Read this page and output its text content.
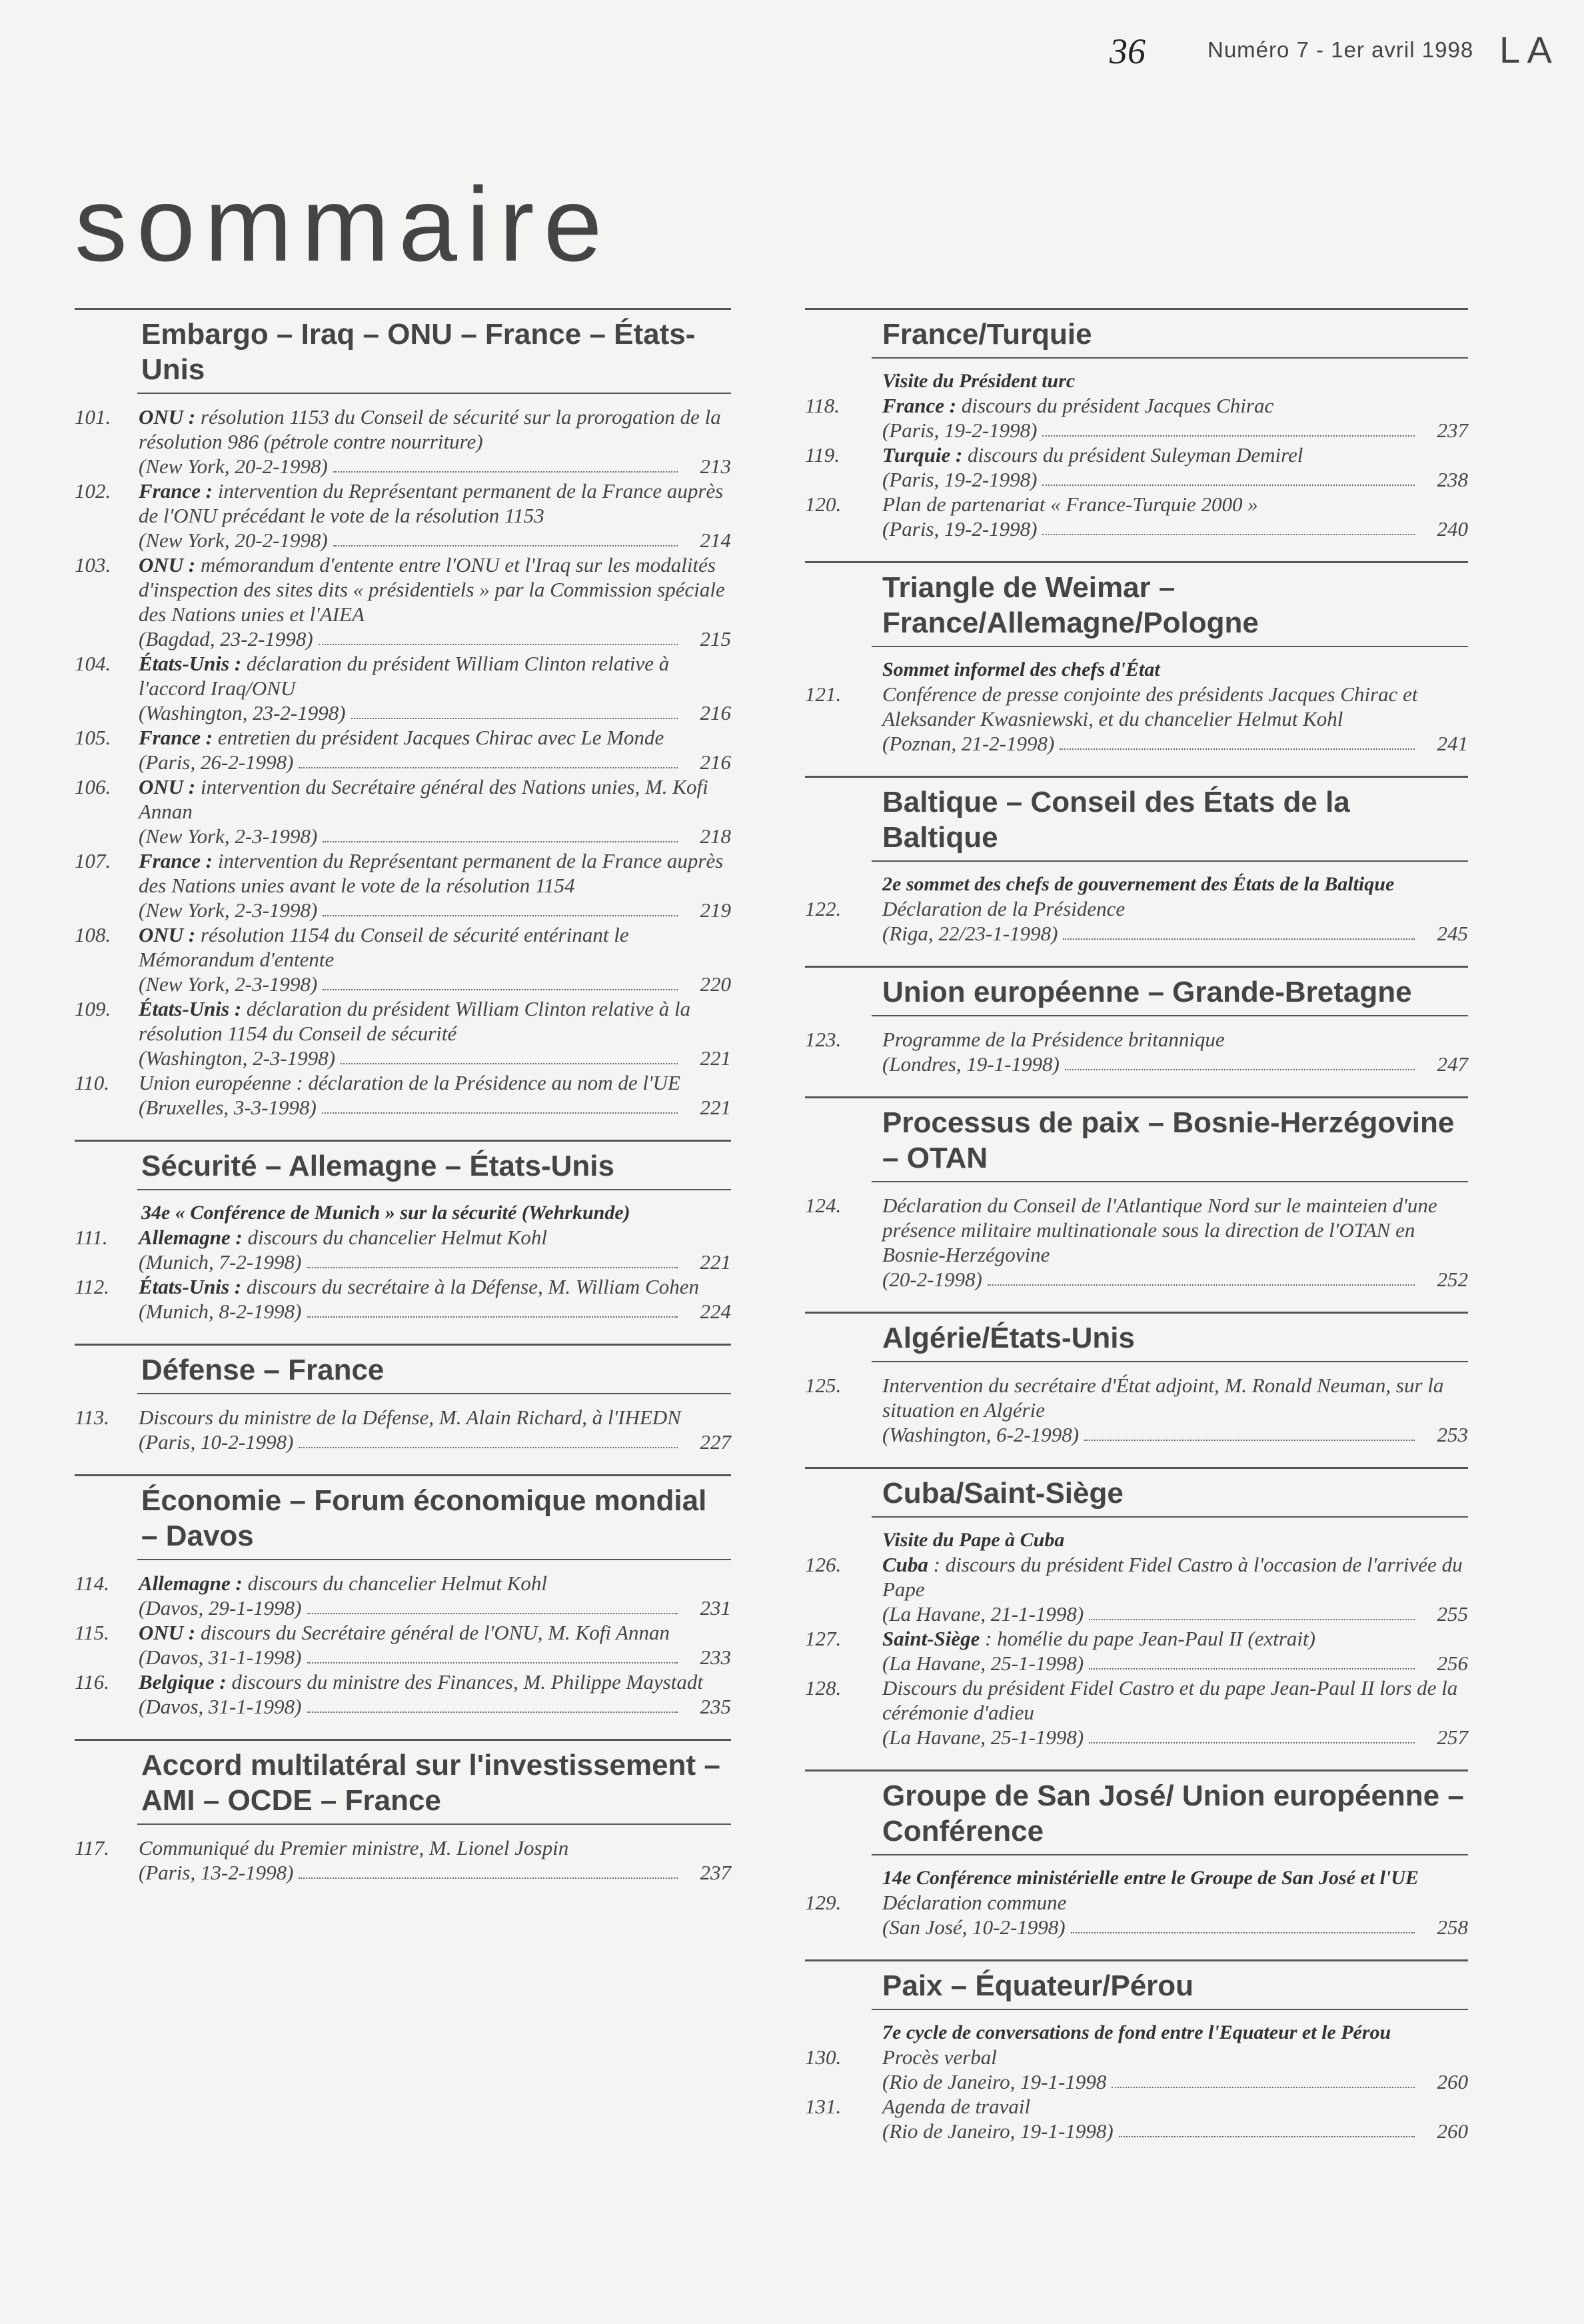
36	Numéro 7 - 1er avril 1998 L A
sommaire
Embargo – Iraq – ONU – France – États-Unis
101.	ONU : résolution 1153 du Conseil de sécurité sur la prorogation de la résolution 986 (pétrole contre nourriture)
(New York, 20-2-1998)	213
102.	France : intervention du Représentant permanent de la France auprès de l'ONU précédant le vote de la résolution 1153
(New York, 20-2-1998)	214
103.	ONU : mémorandum d'entente entre l'ONU et l'Iraq sur les modalités d'inspection des sites dits « présidentiels » par la Commission spéciale des Nations unies et l'AIEA
(Bagdad, 23-2-1998)	215
104.	États-Unis : déclaration du président William Clinton relative à l'accord Iraq/ONU
(Washington, 23-2-1998)	216
105.	France : entretien du président Jacques Chirac avec Le Monde
(Paris, 26-2-1998)	216
106.	ONU : intervention du Secrétaire général des Nations unies, M. Kofi Annan
(New York, 2-3-1998)	218
107.	France : intervention du Représentant permanent de la France auprès des Nations unies avant le vote de la résolution 1154
(New York, 2-3-1998)	219
108.	ONU : résolution 1154 du Conseil de sécurité entérinant le Mémorandum d'entente
(New York, 2-3-1998)	220
109.	États-Unis : déclaration du président William Clinton relative à la résolution 1154 du Conseil de sécurité
(Washington, 2-3-1998)	221
110.	Union européenne : déclaration de la Présidence au nom de l'UE
(Bruxelles, 3-3-1998)	221
Sécurité – Allemagne – États-Unis
34e « Conférence de Munich » sur la sécurité (Wehrkunde)
111.	Allemagne : discours du chancelier Helmut Kohl
(Munich, 7-2-1998)	221
112.	États-Unis : discours du secrétaire à la Défense, M. William Cohen
(Munich, 8-2-1998)	224
Défense – France
113.	Discours du ministre de la Défense, M. Alain Richard, à l'IHEDN
(Paris, 10-2-1998)	227
Économie – Forum économique mondial – Davos
114.	Allemagne : discours du chancelier Helmut Kohl
(Davos, 29-1-1998)	231
115.	ONU : discours du Secrétaire général de l'ONU, M. Kofi Annan
(Davos, 31-1-1998)	233
116.	Belgique : discours du ministre des Finances, M. Philippe Maystadt
(Davos, 31-1-1998)	235
Accord multilatéral sur l'investissement – AMI – OCDE – France
117.	Communiqué du Premier ministre, M. Lionel Jospin
(Paris, 13-2-1998)	237
France/Turquie
Visite du Président turc
118.	France : discours du président Jacques Chirac
(Paris, 19-2-1998)	237
119.	Turquie : discours du président Suleyman Demirel
(Paris, 19-2-1998)	238
120.	Plan de partenariat « France-Turquie 2000 »
(Paris, 19-2-1998)	240
Triangle de Weimar – France/Allemagne/Pologne
Sommet informel des chefs d'État
121.	Conférence de presse conjointe des présidents Jacques Chirac et Aleksander Kwasniewski, et du chancelier Helmut Kohl
(Poznan, 21-2-1998)	241
Baltique – Conseil des États de la Baltique
2e sommet des chefs de gouvernement des États de la Baltique
122.	Déclaration de la Présidence
(Riga, 22/23-1-1998)	245
Union européenne – Grande-Bretagne
123.	Programme de la Présidence britannique
(Londres, 19-1-1998)	247
Processus de paix – Bosnie-Herzégovine – OTAN
124.	Déclaration du Conseil de l'Atlantique Nord sur le mainteien d'une présence militaire multinationale sous la direction de l'OTAN en Bosnie-Herzégovine
(20-2-1998)	252
Algérie/États-Unis
125.	Intervention du secrétaire d'État adjoint, M. Ronald Neuman, sur la situation en Algérie
(Washington, 6-2-1998)	253
Cuba/Saint-Siège
Visite du Pape à Cuba
126.	Cuba : discours du président Fidel Castro à l'occasion de l'arrivée du Pape
(La Havane, 21-1-1998)	255
127.	Saint-Siège : homélie du pape Jean-Paul II (extrait)
(La Havane, 25-1-1998)	256
128.	Discours du président Fidel Castro et du pape Jean-Paul II lors de la cérémonie d'adieu
(La Havane, 25-1-1998)	257
Groupe de San José/ Union européenne – Conférence
14e Conférence ministérielle entre le Groupe de San José et l'UE
129.	Déclaration commune
(San José, 10-2-1998)	258
Paix – Équateur/Pérou
7e cycle de conversations de fond entre l'Equateur et le Pérou
130.	Procès verbal
(Rio de Janeiro, 19-1-1998	260
131.	Agenda de travail
(Rio de Janeiro, 19-1-1998)	260
